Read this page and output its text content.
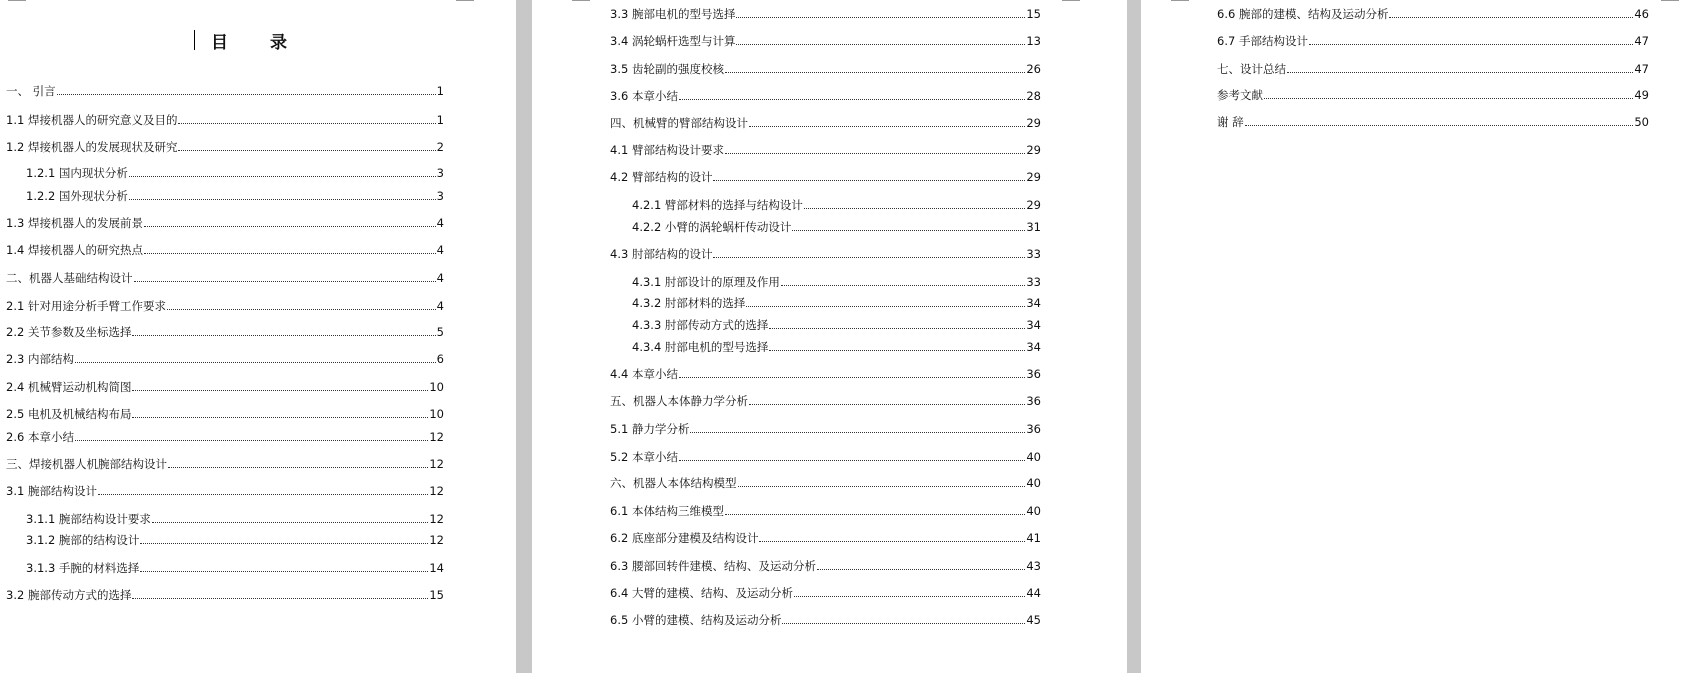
目 录
一、 引言	1
1.1 焊接机器人的研究意义及目的	1
1.2 焊接机器人的发展现状及研究	2
1.2.1 国内现状分析	3
1.2.2 国外现状分析	3
1.3 焊接机器人的发展前景	4
1.4 焊接机器人的研究热点	4
二、机器人基础结构设计	4
2.1 针对用途分析手臂工作要求	4
2.2 关节参数及坐标选择	5
2.3 内部结构	6
2.4 机械臂运动机构简图	10
2.5 电机及机械结构布局	10
2.6 本章小结	12
三、焊接机器人机腕部结构设计	12
3.1 腕部结构设计	12
3.1.1 腕部结构设计要求	12
3.1.2 腕部的结构设计	12
3.1.3 手腕的材料选择	14
3.2 腕部传动方式的选择	15
3.3 腕部电机的型号选择	15
3.4 涡轮蜗杆选型与计算	13
3.5 齿轮副的强度校核	26
3.6 本章小结	28
四、机械臂的臂部结构设计	29
4.1 臂部结构设计要求	29
4.2 臂部结构的设计	29
4.2.1 臂部材料的选择与结构设计	29
4.2.2 小臂的涡轮蜗杆传动设计	31
4.3 肘部结构的设计	33
4.3.1 肘部设计的原理及作用	33
4.3.2 肘部材料的选择	34
4.3.3 肘部传动方式的选择	34
4.3.4 肘部电机的型号选择	34
4.4 本章小结	36
五、机器人本体静力学分析	36
5.1 静力学分析	36
5.2 本章小结	40
六、机器人本体结构模型	40
6.1 本体结构三维模型	40
6.2 底座部分建模及结构设计	41
6.3 腰部回转件建模、结构、及运动分析	43
6.4 大臂的建模、结构、及运动分析	44
6.5 小臂的建模、结构及运动分析	45
6.6 腕部的建模、结构及运动分析	46
6.7 手部结构设计	47
七、设计总结	47
参考文献	49
谢 辞	50
